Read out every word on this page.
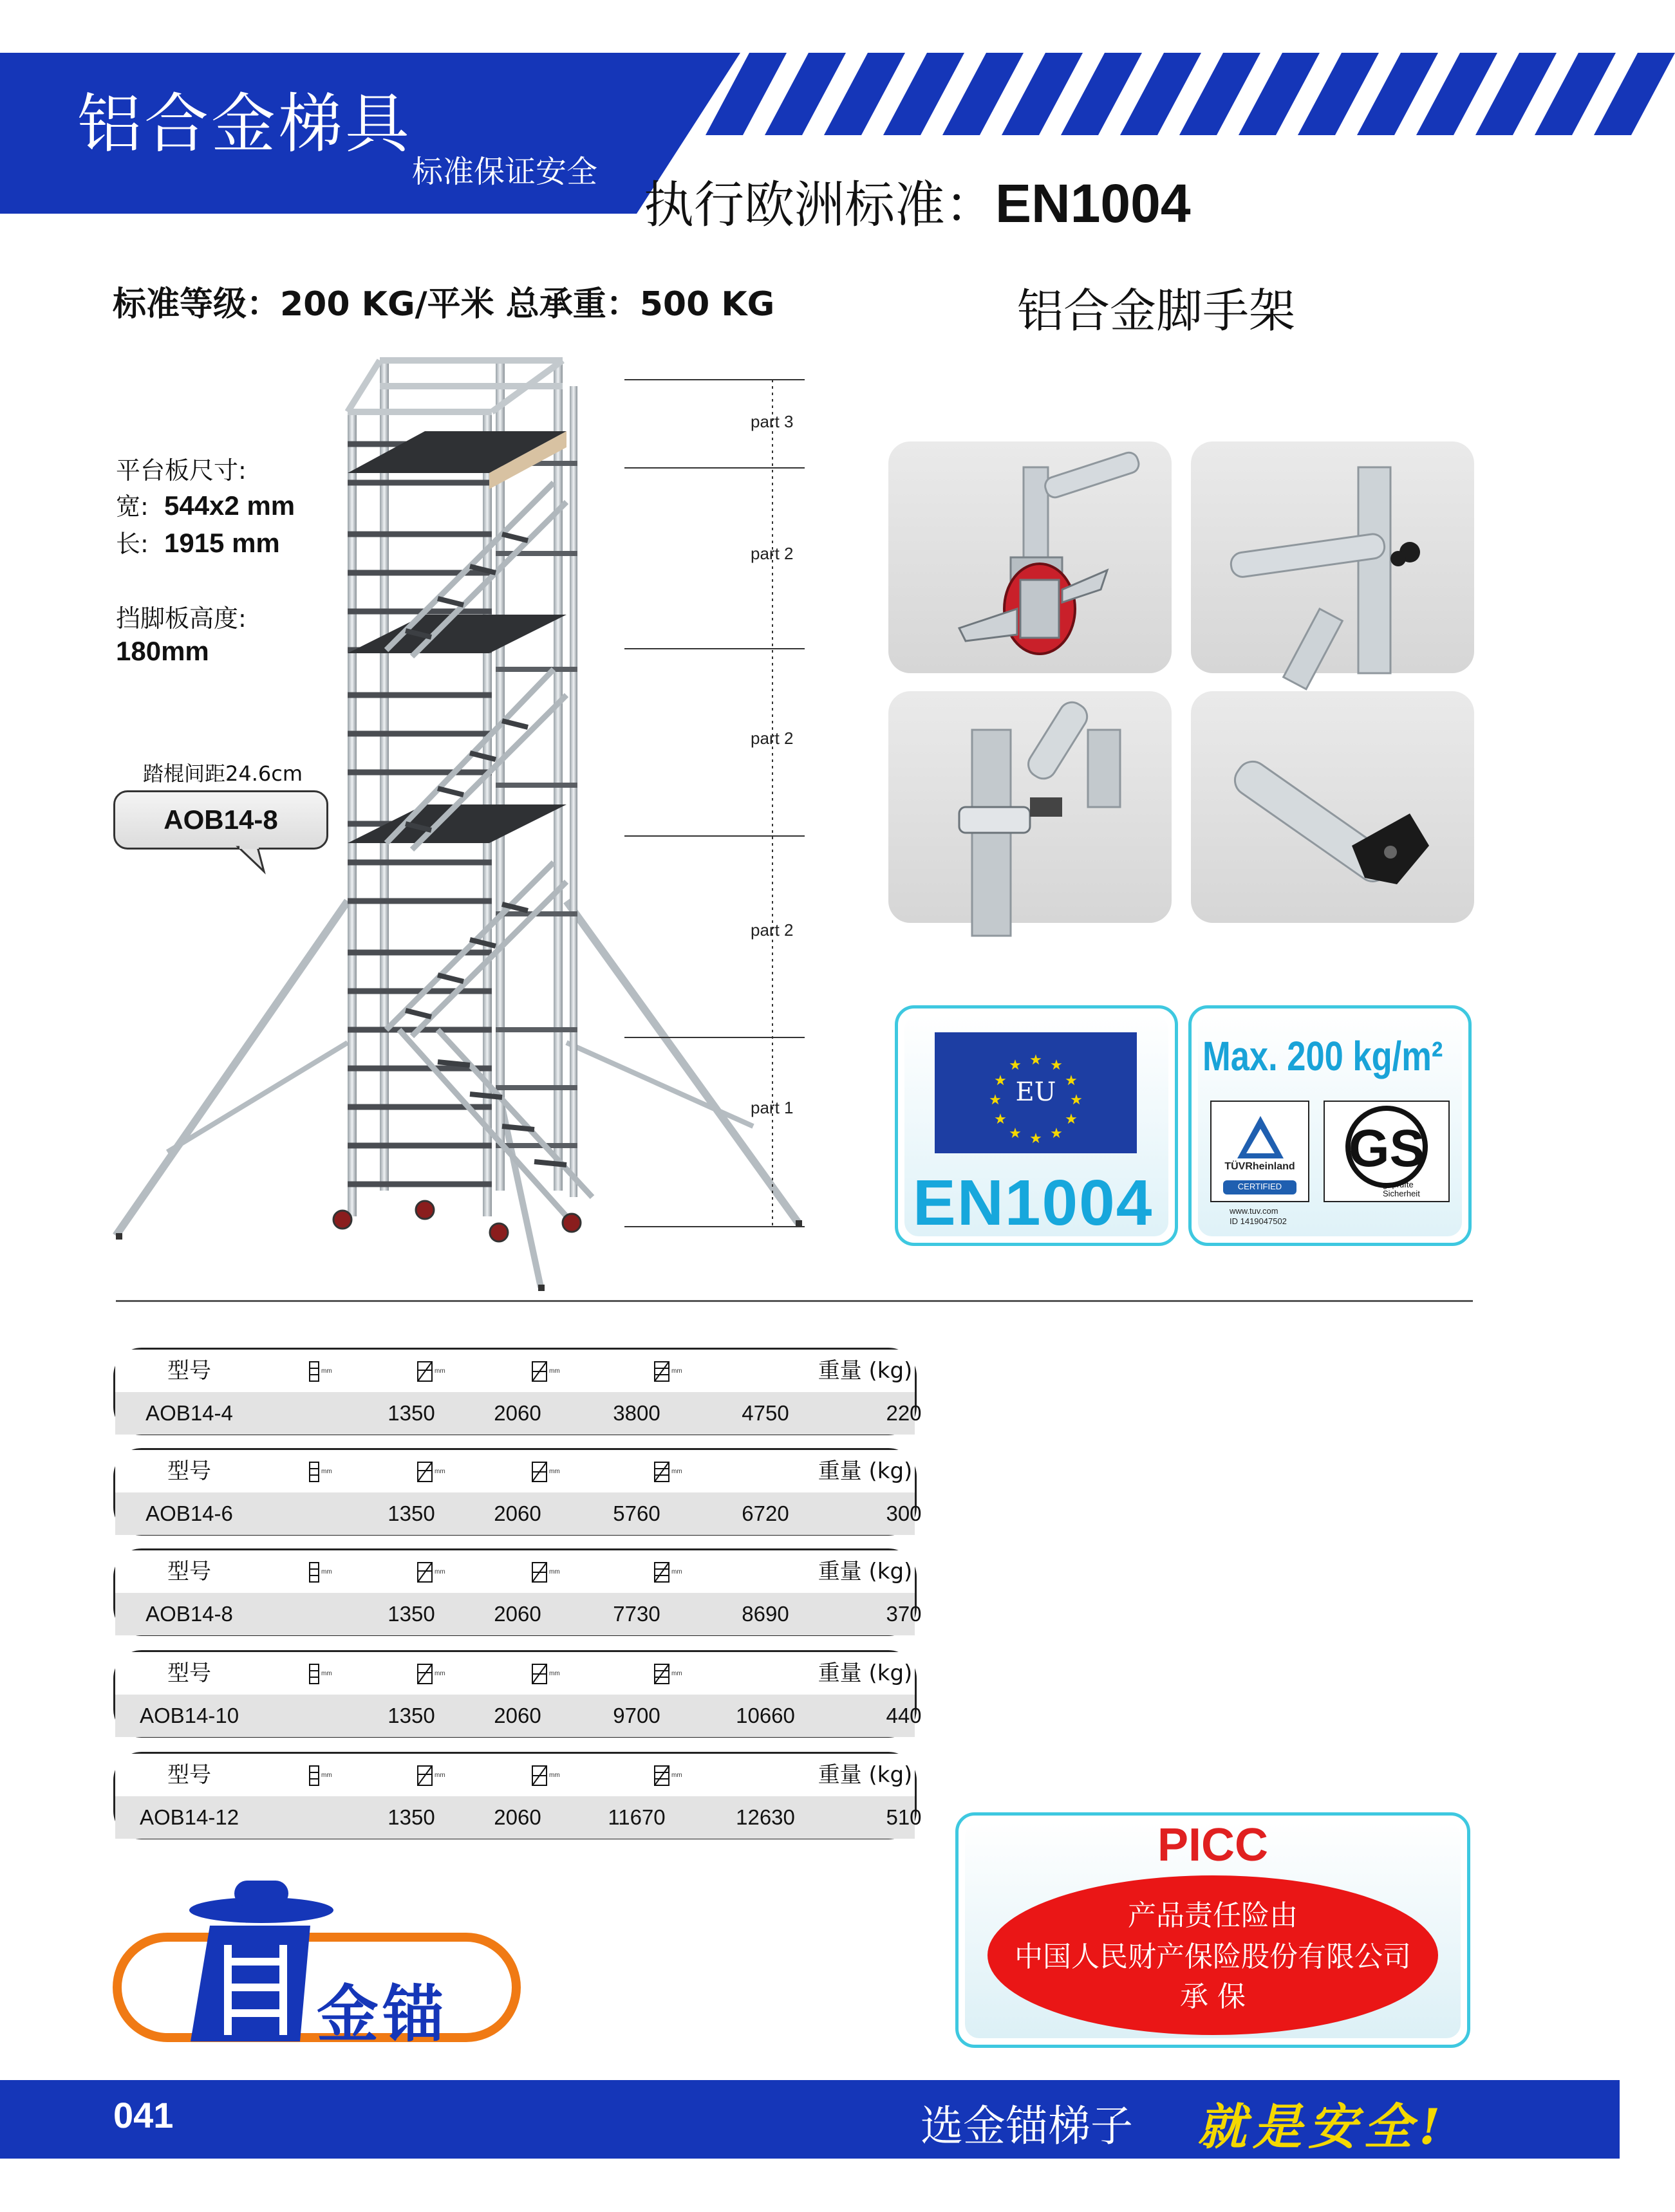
铝合金梯具
标准保证安全
执行欧洲标准：EN1004
标准等级：200 KG/平米 总承重：500 KG	铝合金脚手架
平台板尺寸:
宽: 544x2 mm
长: 1915 mm
挡脚板高度:
180mm
踏棍间距24.6cm
AOB14-8
part 3
part 2
part 2
part 2
part 1
★ ★
★
★
★
★
★
★
★
★
★
★
EU
EN1004
Max. 200 kg/m²
TÜVRheinland
CERTIFIED
GS
geprüfte Sicherheit
www.tuv.com
ID 1419047502
型号	mm	mm	mm	mm	重量 (kg)
AOB14-4	1350	2060	3800	4750	220
型号	mm	mm	mm	mm	重量 (kg)
AOB14-6	1350	2060	5760	6720	300
型号	mm	mm	mm	mm	重量 (kg)
AOB14-8	1350	2060	7730	8690	370
型号	mm	mm	mm	mm	重量 (kg)
AOB14-10	1350	2060	9700	10660	440
型号	mm	mm	mm	mm	重量 (kg)
AOB14-12	1350	2060	11670	12630	510
金锚
PICC
产品责任险由
中国人民财产保险股份有限公司
承 保
041	选金锚梯子 就是安全!
